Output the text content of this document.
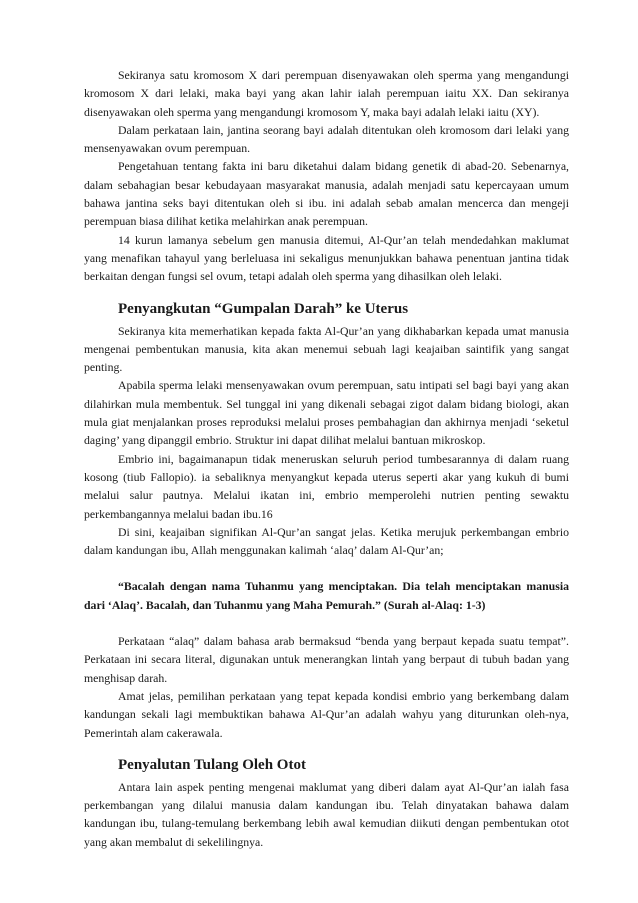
Sekiranya satu kromosom X dari perempuan disenyawakan oleh sperma yang mengandungi kromosom X dari lelaki, maka bayi yang akan lahir ialah perempuan iaitu XX. Dan sekiranya disenyawakan oleh sperma yang mengandungi kromosom Y, maka bayi adalah lelaki iaitu (XY).

Dalam perkataan lain, jantina seorang bayi adalah ditentukan oleh kromosom dari lelaki yang mensenyawakan ovum perempuan.

Pengetahuan tentang fakta ini baru diketahui dalam bidang genetik di abad-20. Sebenarnya, dalam sebahagian besar kebudayaan masyarakat manusia, adalah menjadi satu kepercayaan umum bahawa jantina seks bayi ditentukan oleh si ibu. ini adalah sebab amalan mencerca dan mengeji perempuan biasa dilihat ketika melahirkan anak perempuan.

14 kurun lamanya sebelum gen manusia ditemui, Al-Qur’an telah mendedahkan maklumat yang menafikan tahayul yang berleluasa ini sekaligus menunjukkan bahawa penentuan jantina tidak berkaitan dengan fungsi sel ovum, tetapi adalah oleh sperma yang dihasilkan oleh lelaki.

Penyangkutan “Gumpalan Darah” ke Uterus

Sekiranya kita memerhatikan kepada fakta Al-Qur’an yang dikhabarkan kepada umat manusia mengenai pembentukan manusia, kita akan menemui sebuah lagi keajaiban saintifik yang sangat penting.

Apabila sperma lelaki mensenyawakan ovum perempuan, satu intipati sel bagi bayi yang akan dilahirkan mula membentuk. Sel tunggal ini yang dikenali sebagai zigot dalam bidang biologi, akan mula giat menjalankan proses reproduksi melalui proses pembahagian dan akhirnya menjadi ‘seketul daging’ yang dipanggil embrio. Struktur ini dapat dilihat melalui bantuan mikroskop.

Embrio ini, bagaimanapun tidak meneruskan seluruh period tumbesarannya di dalam ruang kosong (tiub Fallopio). ia sebaliknya menyangkut kepada uterus seperti akar yang kukuh di bumi melalui salur pautnya. Melalui ikatan ini, embrio memperolehi nutrien penting sewaktu perkembangannya melalui badan ibu.16

Di sini, keajaiban signifikan Al-Qur’an sangat jelas. Ketika merujuk perkembangan embrio dalam kandungan ibu, Allah menggunakan kalimah ‘alaq’ dalam Al-Qur’an;

“Bacalah dengan nama Tuhanmu yang menciptakan. Dia telah menciptakan manusia dari ‘Alaq’. Bacalah, dan Tuhanmu yang Maha Pemurah.” (Surah al-Alaq: 1-3)

Perkataan “alaq” dalam bahasa arab bermaksud “benda yang berpaut kepada suatu tempat”. Perkataan ini secara literal, digunakan untuk menerangkan lintah yang berpaut di tubuh badan yang menghisap darah.

Amat jelas, pemilihan perkataan yang tepat kepada kondisi embrio yang berkembang dalam kandungan sekali lagi membuktikan bahawa Al-Qur’an adalah wahyu yang diturunkan oleh-nya, Pemerintah alam cakerawala.

Penyalutan Tulang Oleh Otot

Antara lain aspek penting mengenai maklumat yang diberi dalam ayat Al-Qur’an ialah fasa perkembangan yang dilalui manusia dalam kandungan ibu. Telah dinyatakan bahawa dalam kandungan ibu, tulang-temulang berkembang lebih awal kemudian diikuti dengan pembentukan otot yang akan membalut di sekelilingnya.
